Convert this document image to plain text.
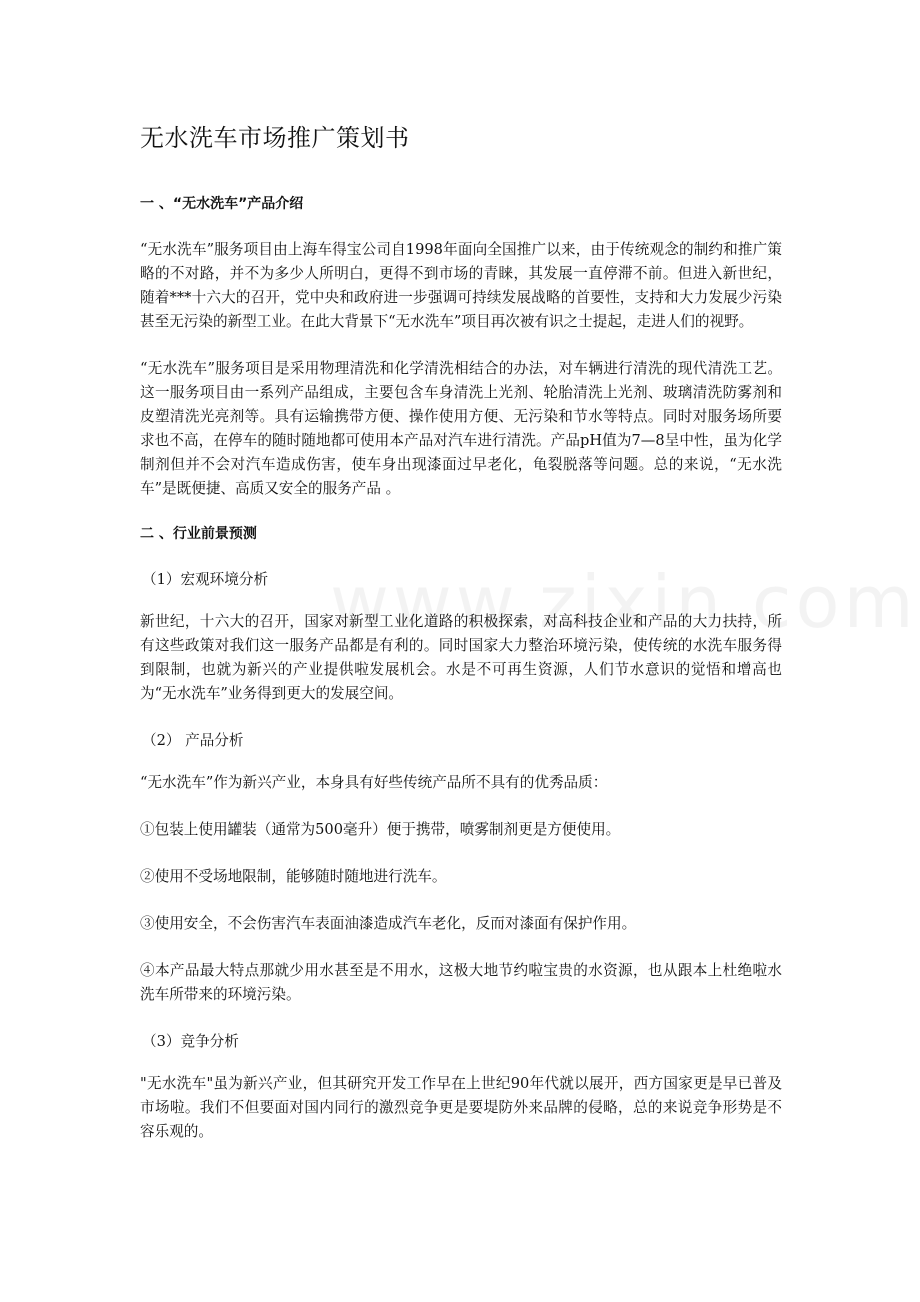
无水洗车市场推广策划书
一 、“无水洗车”产品介绍

“无水洗车”服务项目由上海车得宝公司自1998年面向全国推广以来，由于传统观念的制约和推广策略的不对路，并不为多少人所明白，更得不到市场的青睐，其发展一直停滞不前。但进入新世纪，随着***十六大的召开，党中央和政府进一步强调可持续发展战略的首要性，支持和大力发展少污染甚至无污染的新型工业。在此大背景下“无水洗车”项目再次被有识之士提起，走进人们的视野。

“无水洗车”服务项目是采用物理清洗和化学清洗相结合的办法，对车辆进行清洗的现代清洗工艺。这一服务项目由一系列产品组成，主要包含车身清洗上光剂、轮胎清洗上光剂、玻璃清洗防雾剂和皮塑清洗光亮剂等。具有运输携带方便、操作使用方便、无污染和节水等特点。同时对服务场所要求也不高，在停车的随时随地都可使用本产品对汽车进行清洗。产品pH值为7—8呈中性，虽为化学制剂但并不会对汽车造成伤害，使车身出现漆面过早老化，龟裂脱落等问题。总的来说，“无水洗车”是既便捷、高质又安全的服务产品 。

二 、行业前景预测
（1）宏观环境分析

新世纪，十六大的召开，国家对新型工业化道路的积极探索，对高科技企业和产品的大力扶持，所有这些政策对我们这一服务产品都是有利的。同时国家大力整治环境污染，使传统的水洗车服务得到限制，也就为新兴的产业提供啦发展机会。水是不可再生资源，人们节水意识的觉悟和增高也为“无水洗车”业务得到更大的发展空间。

（2） 产品分析

“无水洗车”作为新兴产业，本身具有好些传统产品所不具有的优秀品质：

①包装上使用罐装（通常为500毫升）便于携带，喷雾制剂更是方便使用。

②使用不受场地限制，能够随时随地进行洗车。

③使用安全，不会伤害汽车表面油漆造成汽车老化，反而对漆面有保护作用。

④本产品最大特点那就少用水甚至是不用水，这极大地节约啦宝贵的水资源，也从跟本上杜绝啦水洗车所带来的环境污染。

（3）竞争分析

"无水洗车"虽为新兴产业，但其研究开发工作早在上世纪90年代就以展开，西方国家更是早已普及市场啦。我们不但要面对国内同行的激烈竞争更是要堤防外来品牌的侵略，总的来说竞争形势是不容乐观的。
